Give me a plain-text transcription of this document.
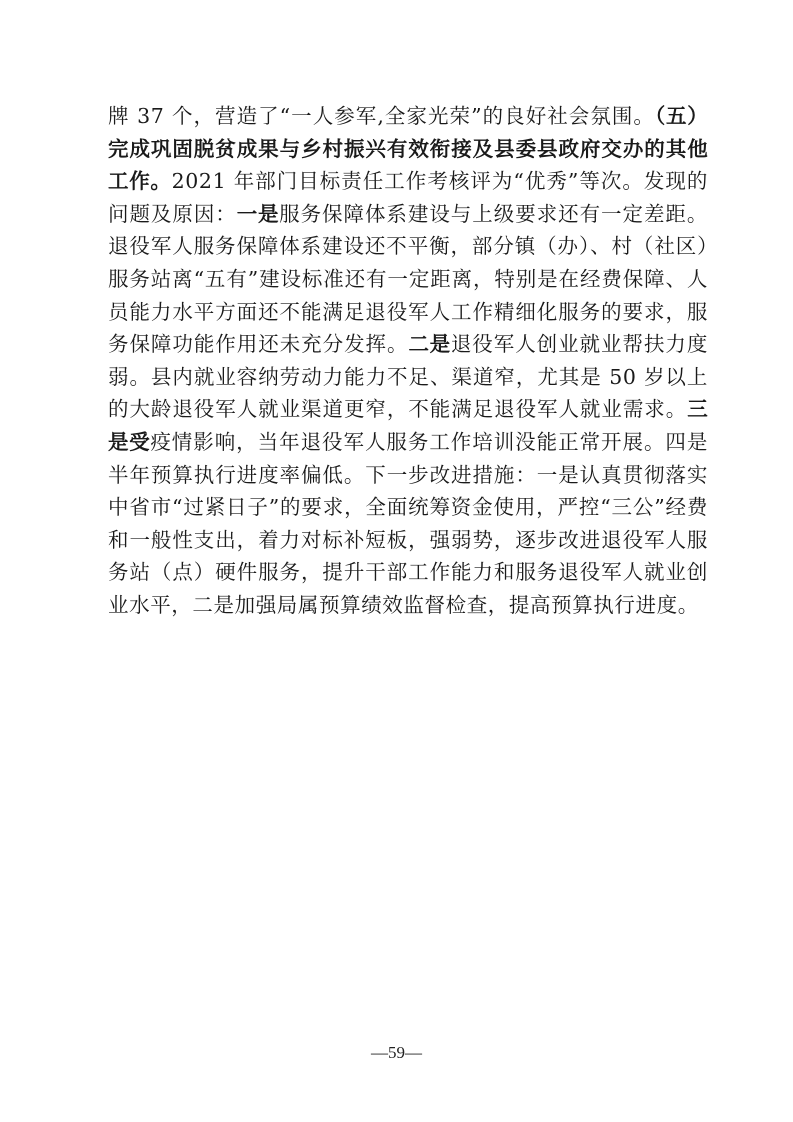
牌 37 个，营造了“一人参军,全家光荣”的良好社会氛围。（五）完成巩固脱贫成果与乡村振兴有效衔接及县委县政府交办的其他工作。2021 年部门目标责任工作考核评为“优秀”等次。发现的问题及原因：一是服务保障体系建设与上级要求还有一定差距。退役军人服务保障体系建设还不平衡，部分镇（办）、村（社区）服务站离“五有”建设标准还有一定距离，特别是在经费保障、人员能力水平方面还不能满足退役军人工作精细化服务的要求，服务保障功能作用还未充分发挥。二是退役军人创业就业帮扶力度弱。县内就业容纳劳动力能力不足、渠道窄，尤其是 50 岁以上的大龄退役军人就业渠道更窄，不能满足退役军人就业需求。三是受疫情影响，当年退役军人服务工作培训没能正常开展。四是半年预算执行进度率偏低。下一步改进措施：一是认真贯彻落实中省市“过紧日子”的要求，全面统筹资金使用，严控“三公”经费和一般性支出，着力对标补短板，强弱势，逐步改进退役军人服务站（点）硬件服务，提升干部工作能力和服务退役军人就业创业水平，二是加强局属预算绩效监督检查，提高预算执行进度。

—59—
